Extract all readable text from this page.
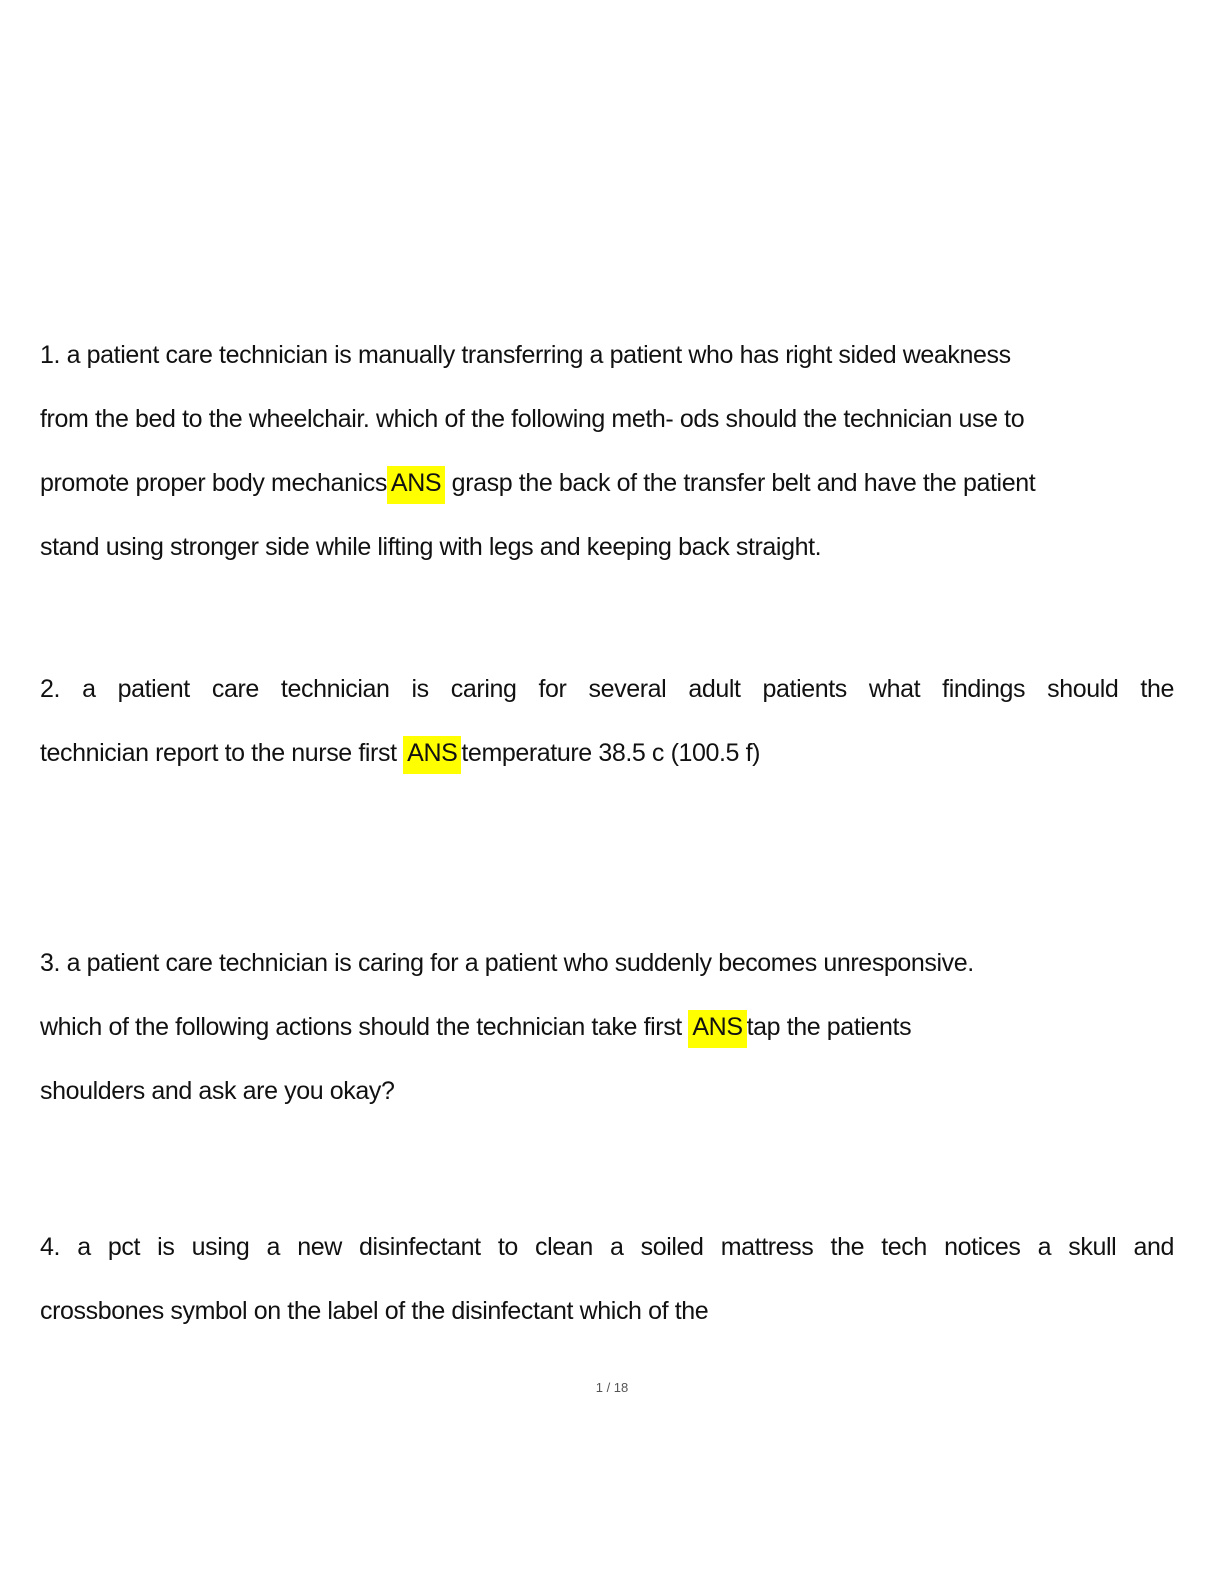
1. a patient care technician is manually transferring a patient who has right sided weakness
from the bed to the wheelchair. which of the following meth- ods should the technician use to
promote proper body mechanics ANS grasp the back of the transfer belt and have the patient
stand using stronger side while lifting with legs and keeping back straight.
2. a patient care technician is caring for several adult patients what findings should the
technician report to the nurse first ANS temperature 38.5 c (100.5 f)
3. a patient care technician is caring for a patient who suddenly becomes unresponsive.
which of the following actions should the technician take first ANS tap the patients
shoulders and ask are you okay?
4. a pct is using a new disinfectant to clean a soiled mattress the tech notices a skull and
crossbones symbol on the label of the disinfectant which of the
1 / 18
